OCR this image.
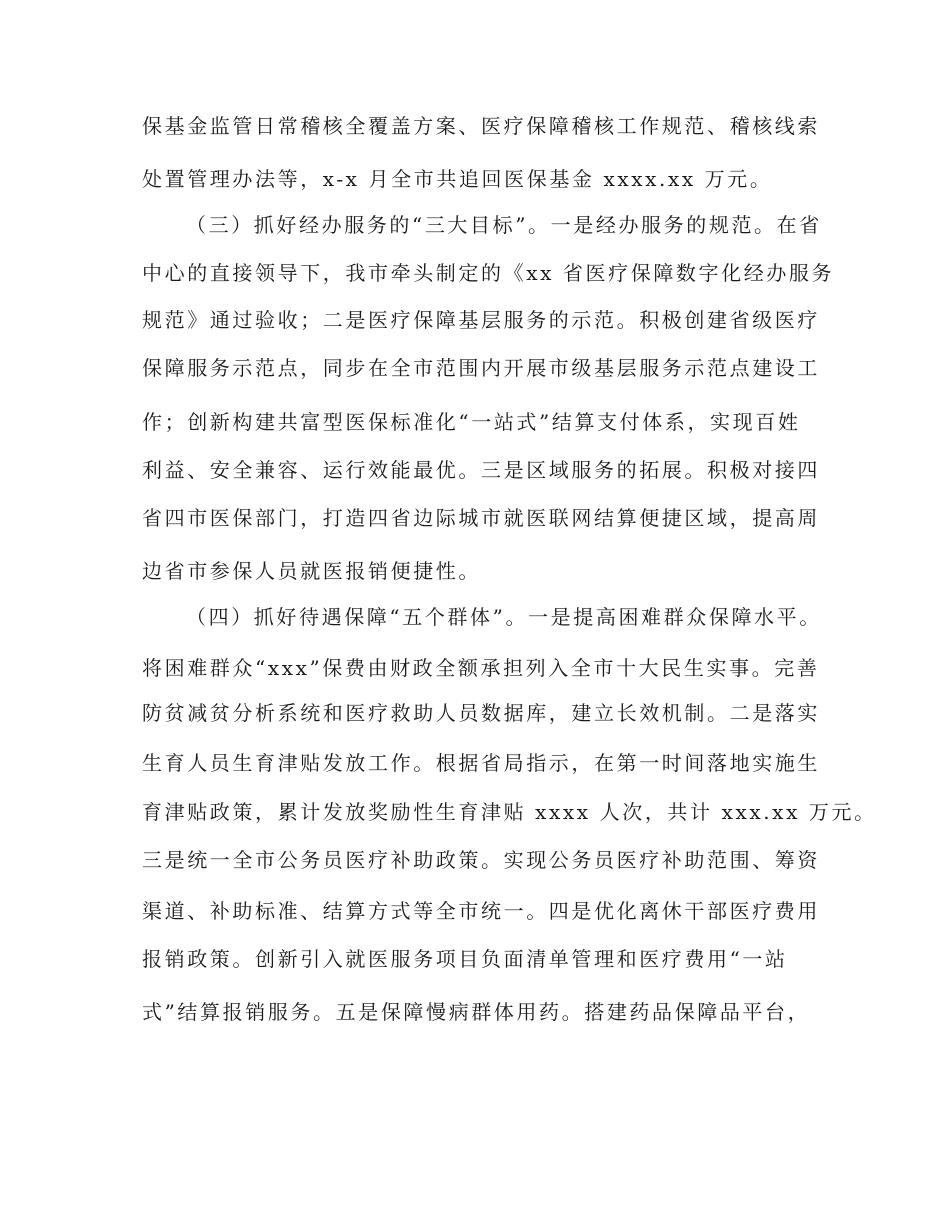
保基金监管日常稽核全覆盖方案、医疗保障稽核工作规范、稽核线索
处置管理办法等，x-x 月全市共追回医保基金 xxxx.xx 万元。
（三）抓好经办服务的“三大目标”。一是经办服务的规范。在省
中心的直接领导下，我市牵头制定的《xx 省医疗保障数字化经办服务
规范》通过验收；二是医疗保障基层服务的示范。积极创建省级医疗
保障服务示范点，同步在全市范围内开展市级基层服务示范点建设工
作；创新构建共富型医保标准化“一站式”结算支付体系，实现百姓
利益、安全兼容、运行效能最优。三是区域服务的拓展。积极对接四
省四市医保部门，打造四省边际城市就医联网结算便捷区域，提高周
边省市参保人员就医报销便捷性。
（四）抓好待遇保障“五个群体”。一是提高困难群众保障水平。
将困难群众“xxx”保费由财政全额承担列入全市十大民生实事。完善
防贫减贫分析系统和医疗救助人员数据库，建立长效机制。二是落实
生育人员生育津贴发放工作。根据省局指示，在第一时间落地实施生
育津贴政策，累计发放奖励性生育津贴 xxxx 人次，共计 xxx.xx 万元。
三是统一全市公务员医疗补助政策。实现公务员医疗补助范围、筹资
渠道、补助标准、结算方式等全市统一。四是优化离休干部医疗费用
报销政策。创新引入就医服务项目负面清单管理和医疗费用“一站
式”结算报销服务。五是保障慢病群体用药。搭建药品保障品平台，
